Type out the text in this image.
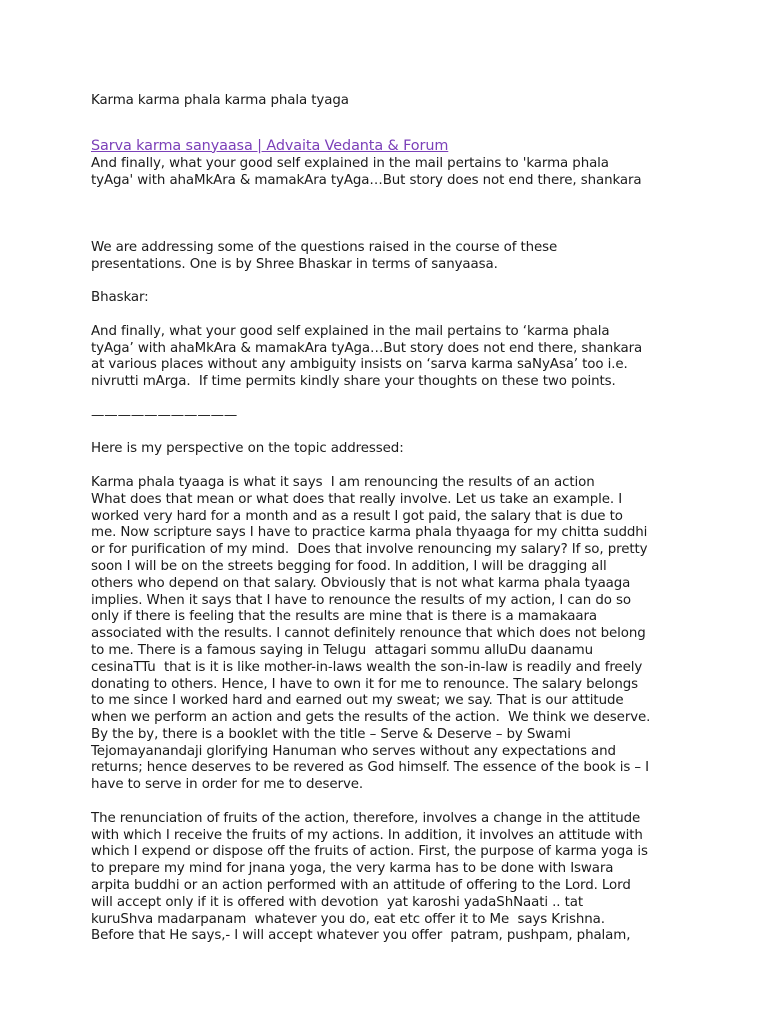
Karma karma phala karma phala tyaga
Sarva karma sanyaasa | Advaita Vedanta & Forum
And finally, what your good self explained in the mail pertains to 'karma phala
tyAga' with ahaMkAra & mamakAra tyAga…But story does not end there, shankara
We are addressing some of the questions raised in the course of these
presentations. One is by Shree Bhaskar in terms of sanyaasa.
Bhaskar:
And finally, what your good self explained in the mail pertains to ‘karma phala
tyAga’ with ahaMkAra & mamakAra tyAga…But story does not end there, shankara
at various places without any ambiguity insists on ‘sarva karma saNyAsa’ too i.e.
nivrutti mArga.  If time permits kindly share your thoughts on these two points.
———————————
Here is my perspective on the topic addressed:
Karma phala tyaaga is what it says  I am renouncing the results of an action
What does that mean or what does that really involve. Let us take an example. I
worked very hard for a month and as a result I got paid, the salary that is due to
me. Now scripture says I have to practice karma phala thyaaga for my chitta suddhi
or for purification of my mind.  Does that involve renouncing my salary? If so, pretty
soon I will be on the streets begging for food. In addition, I will be dragging all
others who depend on that salary. Obviously that is not what karma phala tyaaga
implies. When it says that I have to renounce the results of my action, I can do so
only if there is feeling that the results are mine that is there is a mamakaara
associated with the results. I cannot definitely renounce that which does not belong
to me. There is a famous saying in Telugu  attagari sommu alluDu daanamu
cesinaTTu  that is it is like mother-in-laws wealth the son-in-law is readily and freely
donating to others. Hence, I have to own it for me to renounce. The salary belongs
to me since I worked hard and earned out my sweat; we say. That is our attitude
when we perform an action and gets the results of the action.  We think we deserve.
By the by, there is a booklet with the title – Serve & Deserve – by Swami
Tejomayanandaji glorifying Hanuman who serves without any expectations and
returns; hence deserves to be revered as God himself. The essence of the book is – I
have to serve in order for me to deserve.
The renunciation of fruits of the action, therefore, involves a change in the attitude
with which I receive the fruits of my actions. In addition, it involves an attitude with
which I expend or dispose off the fruits of action. First, the purpose of karma yoga is
to prepare my mind for jnana yoga, the very karma has to be done with Iswara
arpita buddhi or an action performed with an attitude of offering to the Lord. Lord
will accept only if it is offered with devotion  yat karoshi yadaShNaati .. tat
kuruShva madarpanam  whatever you do, eat etc offer it to Me  says Krishna.
Before that He says,- I will accept whatever you offer  patram, pushpam, phalam,
